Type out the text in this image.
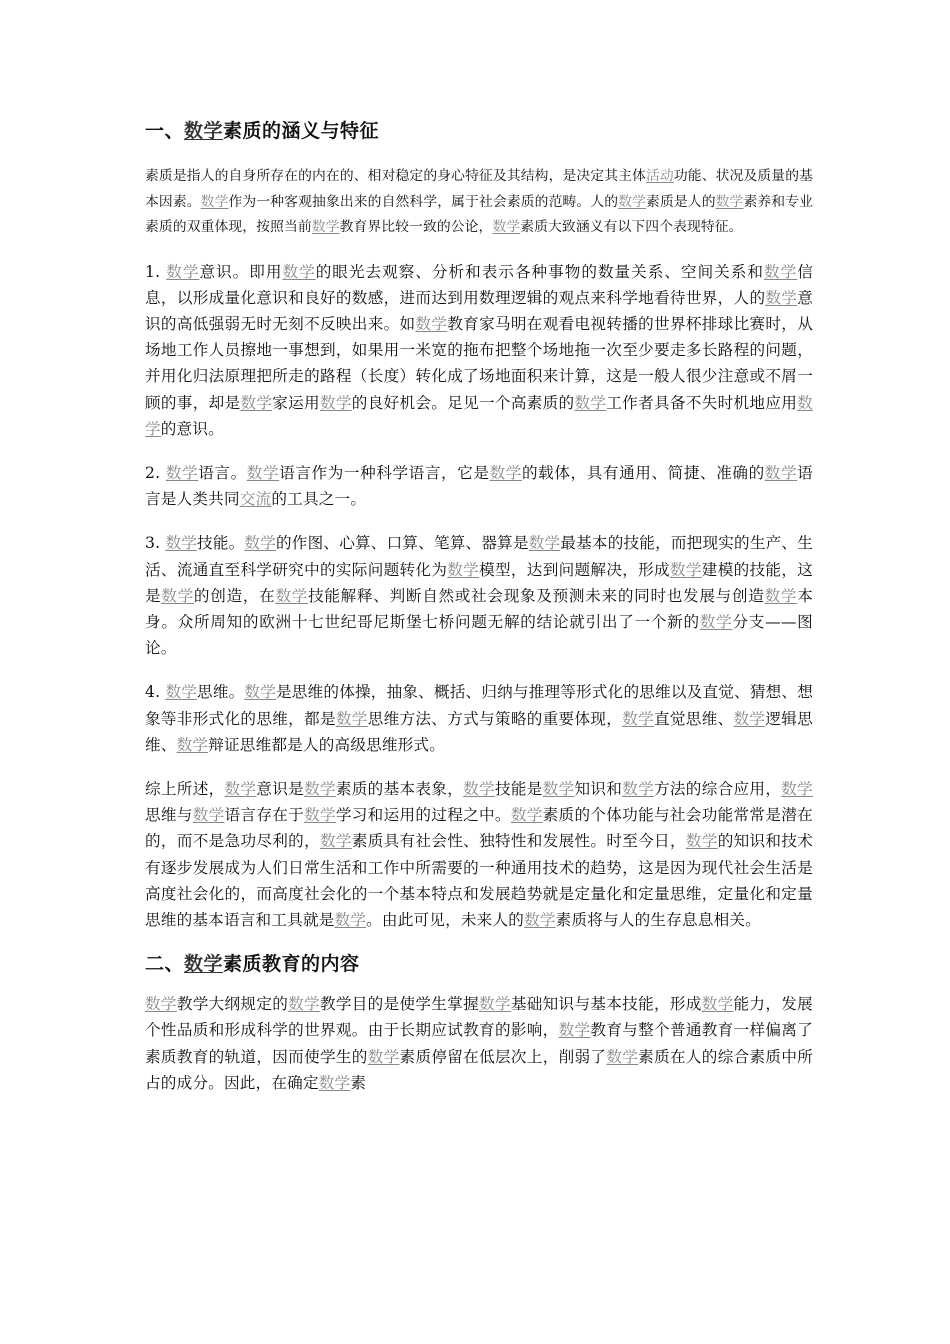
一、数学素质的涵义与特征

素质是指人的自身所存在的内在的、相对稳定的身心特征及其结构，是决定其主体活动功能、状况及质量的基本因素。数学作为一种客观抽象出来的自然科学，属于社会素质的范畴。人的数学素质是人的数学素养和专业素质的双重体现，按照当前数学教育界比较一致的公论，数学素质大致涵义有以下四个表现特征。

1. 数学意识。即用数学的眼光去观察、分析和表示各种事物的数量关系、空间关系和数学信息，以形成量化意识和良好的数感，进而达到用数理逻辑的观点来科学地看待世界，人的数学意识的高低强弱无时无刻不反映出来。如数学教育家马明在观看电视转播的世界杯排球比赛时，从场地工作人员擦地一事想到，如果用一米宽的拖布把整个场地拖一次至少要走多长路程的问题，并用化归法原理把所走的路程（长度）转化成了场地面积来计算，这是一般人很少注意或不屑一顾的事，却是数学家运用数学的良好机会。足见一个高素质的数学工作者具备不失时机地应用数学的意识。

2. 数学语言。数学语言作为一种科学语言，它是数学的载体，具有通用、简捷、准确的数学语言是人类共同交流的工具之一。

3. 数学技能。数学的作图、心算、口算、笔算、器算是数学最基本的技能，而把现实的生产、生活、流通直至科学研究中的实际问题转化为数学模型，达到问题解决，形成数学建模的技能，这是数学的创造，在数学技能解释、判断自然或社会现象及预测未来的同时也发展与创造数学本身。众所周知的欧洲十七世纪哥尼斯堡七桥问题无解的结论就引出了一个新的数学分支——图论。

4. 数学思维。数学是思维的体操，抽象、概括、归纳与推理等形式化的思维以及直觉、猜想、想象等非形式化的思维，都是数学思维方法、方式与策略的重要体现，数学直觉思维、数学逻辑思维、数学辩证思维都是人的高级思维形式。

综上所述，数学意识是数学素质的基本表象，数学技能是数学知识和数学方法的综合应用，数学思维与数学语言存在于数学学习和运用的过程之中。数学素质的个体功能与社会功能常常是潜在的，而不是急功尽利的，数学素质具有社会性、独特性和发展性。时至今日，数学的知识和技术有逐步发展成为人们日常生活和工作中所需要的一种通用技术的趋势，这是因为现代社会生活是高度社会化的，而高度社会化的一个基本特点和发展趋势就是定量化和定量思维，定量化和定量思维的基本语言和工具就是数学。由此可见，未来人的数学素质将与人的生存息息相关。

二、数学素质教育的内容

数学教学大纲规定的数学教学目的是使学生掌握数学基础知识与基本技能，形成数学能力，发展个性品质和形成科学的世界观。由于长期应试教育的影响，数学教育与整个普通教育一样偏离了素质教育的轨道，因而使学生的数学素质停留在低层次上，削弱了数学素质在人的综合素质中所占的成分。因此，在确定数学素
